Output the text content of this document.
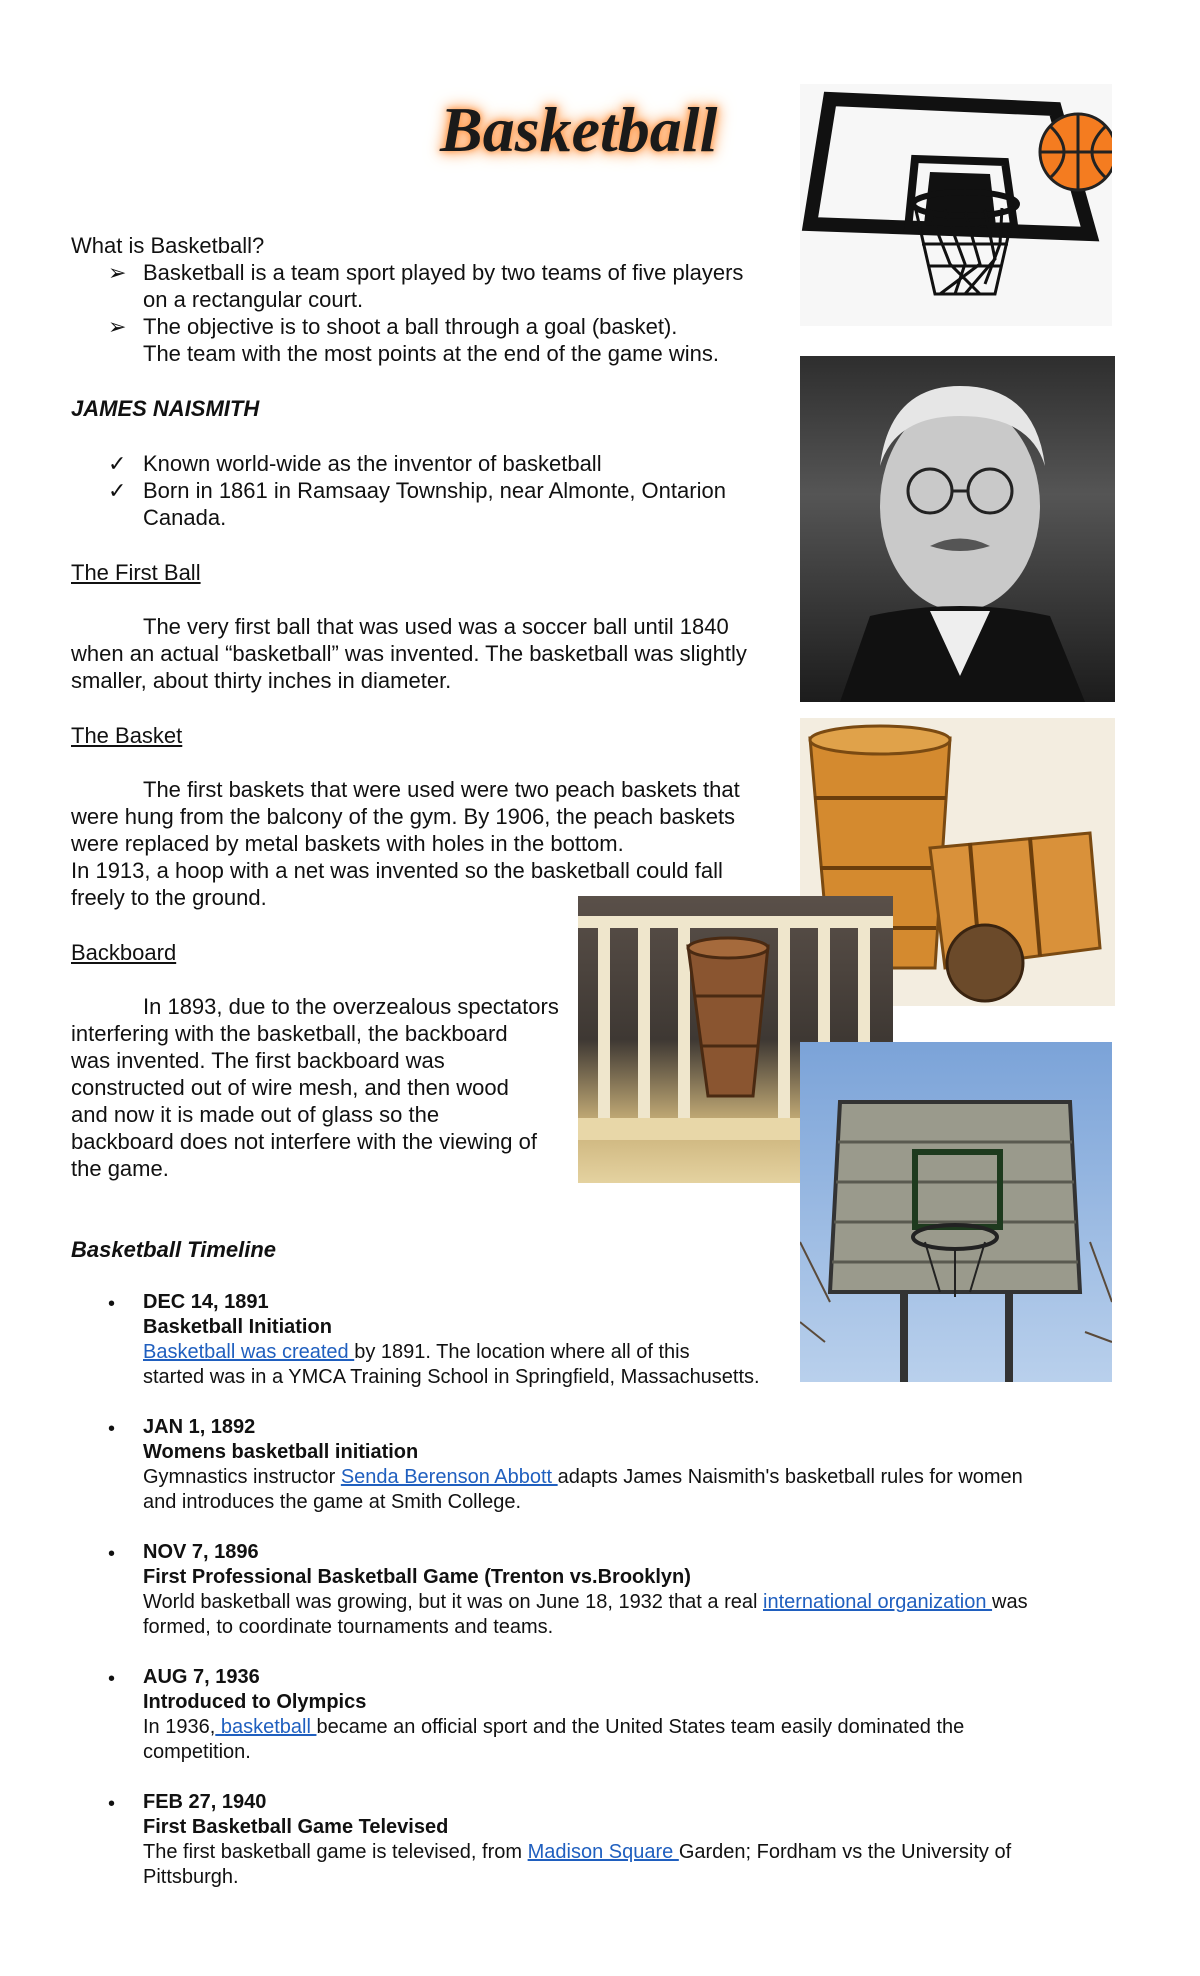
Basketball
What is Basketball?
➢ Basketball is a team sport played by two teams of five players
on a rectangular court.
➢ The objective is to shoot a ball through a goal (basket).
The team with the most points at the end of the game wins.
JAMES NAISMITH
✓ Known world-wide as the inventor of basketball
✓ Born in 1861 in Ramsaay Township, near Almonte, Ontarion
Canada.
The First Ball
The very first ball that was used was a soccer ball until 1840
when an actual “basketball” was invented. The basketball was slightly
smaller, about thirty inches in diameter.
The Basket
The first baskets that were used were two peach baskets that
were hung from the balcony of the gym. By 1906, the peach baskets
were replaced by metal baskets with holes in the bottom.
In 1913, a hoop with a net was invented so the basketball could fall
freely to the ground.
Backboard
In 1893, due to the overzealous spectators
interfering with the basketball, the backboard
was invented. The first backboard was
constructed out of wire mesh, and then wood
and now it is made out of glass so the
backboard does not interfere with the viewing of
the game.
Basketball Timeline
• DEC 14, 1891
Basketball Initiation
Basketball was created by 1891. The location where all of this
started was in a YMCA Training School in Springfield, Massachusetts.
• JAN 1, 1892
Womens basketball initiation
Gymnastics instructor Senda Berenson Abbott adapts James Naismith's basketball rules for women
and introduces the game at Smith College.
• NOV 7, 1896
First Professional Basketball Game (Trenton vs.Brooklyn)
World basketball was growing, but it was on June 18, 1932 that a real international organization was
formed, to coordinate tournaments and teams.
• AUG 7, 1936
Introduced to Olympics
In 1936, basketball became an official sport and the United States team easily dominated the
competition.
• FEB 27, 1940
First Basketball Game Televised
The first basketball game is televised, from Madison Square Garden; Fordham vs the University of
Pittsburgh.
